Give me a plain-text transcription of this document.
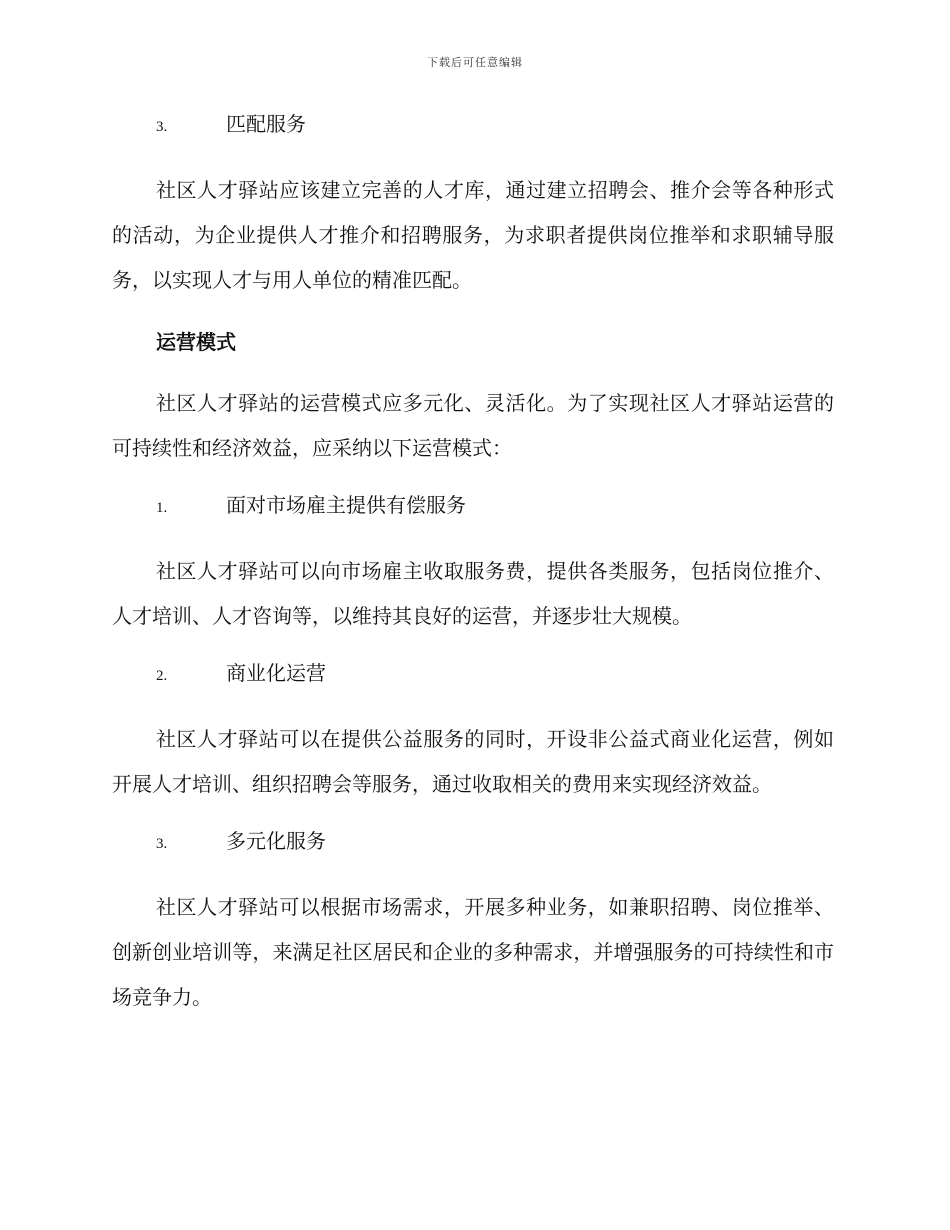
下载后可任意编辑
3.	匹配服务

社区人才驿站应该建立完善的人才库，通过建立招聘会、推介会等各种形式的活动，为企业提供人才推介和招聘服务，为求职者提供岗位推举和求职辅导服务，以实现人才与用人单位的精准匹配。

运营模式

社区人才驿站的运营模式应多元化、灵活化。为了实现社区人才驿站运营的可持续性和经济效益，应采纳以下运营模式：

1.	面对市场雇主提供有偿服务

社区人才驿站可以向市场雇主收取服务费，提供各类服务，包括岗位推介、人才培训、人才咨询等，以维持其良好的运营，并逐步壮大规模。

2.	商业化运营

社区人才驿站可以在提供公益服务的同时，开设非公益式商业化运营，例如开展人才培训、组织招聘会等服务，通过收取相关的费用来实现经济效益。

3.	多元化服务

社区人才驿站可以根据市场需求，开展多种业务，如兼职招聘、岗位推举、创新创业培训等，来满足社区居民和企业的多种需求，并增强服务的可持续性和市场竞争力。
